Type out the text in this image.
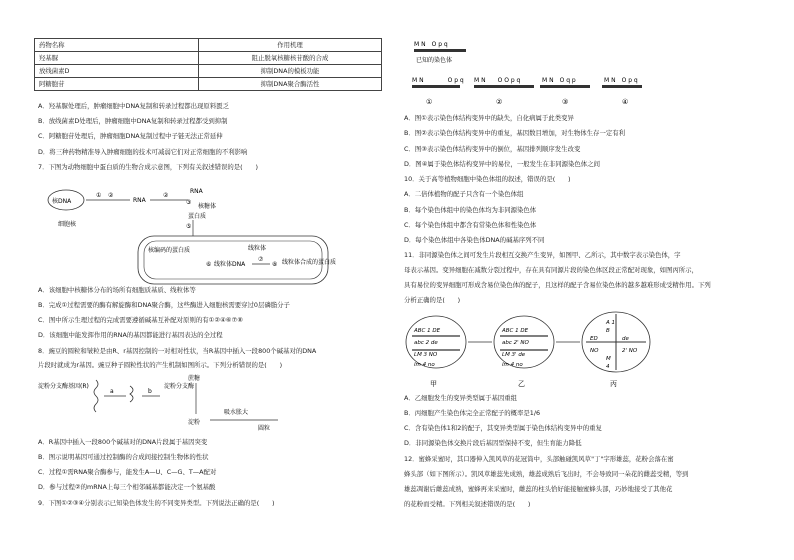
药物名称	作用机理
羟基脲	阻止脱氧核糖核苷酸的合成
放线菌素D	抑制DNA的模板功能
阿糖胞苷	抑制DNA聚合酶活性
A．羟基脲处理后，肿瘤细胞中DNA复制和转录过程都出现原料匮乏
B．放线菌素D处理后，肿瘤细胞中DNA复制和转录过程都受到抑制
C．阿糖胞苷处理后，肿瘤细胞DNA复制过程中子链无法正常延伸
D．将三种药物精准导入肿瘤细胞的技术可减弱它们对正常细胞的不利影响
7．下图为动物细胞中蛋白质的生物合成示意图，下列有关叙述错误的是(　　)
核DNA
细胞核
① ②
RNA
②
RNA
③
核糖体
蛋白质
⑤
核编码的蛋白质	线粒体
⑥ 线粒体DNA
⑦
⑧ 线粒体合成的蛋白质
A．该细胞中核糖体分布的场所有细胞质基质、线粒体等
B．完成①过程需要的酶有解旋酶和DNA聚合酶，这些酶进入细胞核需要穿过0层磷脂分子
C．图中所示生理过程的完成需要遵循碱基互补配对原则的有①②④⑥⑦⑧
D．该细胞中能发挥作用的RNA的基因都能进行基因表达的全过程
8．豌豆的圆粒和皱粒是由R、r基因控制的一对相对性状，当R基因中插入一段800个碱基对的DNA
片段时就成为r基因。豌豆种子圆粒性状的产生机制如图所示。下列分析错误的是(　　)
淀粉分支酶基因(R)
a	b
淀粉分支酶
蔗糖
淀粉
吸水胀大
圆粒
A．R基因中插入一段800个碱基对的DNA片段属于基因突变
B．图示说明基因可通过控制酶的合成间接控制生物体的性状
C．过程①需RNA聚合酶参与，能发生A—U、C—G、T—A配对
D．参与过程②的mRNA上每三个相邻碱基都能决定一个氨基酸
9．下图①②③④分别表示已知染色体发生的不同变异类型。下列说法正确的是(　　)
M N　O p q
已知的染色体
M N　　　　O p q M N　　O O p q	M N　O q p	M N　O p q
①	②	③	④
A．图①表示染色体结构变异中的缺失，自化病属于此类变异
B．图②表示染色体结构变异中的重复，基因数目增加，对生物体生存一定有利
C．图③表示染色体结构变异中的倒位，基因排列顺序发生改变
D．图④属于染色体结构变异中的易位，一般发生在非同源染色体之间
10．关于高等植物细胞中染色体组的叙述，错误的是(　　)
A．二倍体植物的配子只含有一个染色体组
B．每个染色体组中的染色体均为非同源染色体
C．每个染色体组中都含有常染色体和性染色体
D．每个染色体组中各染色体DNA的碱基序列不同
11．非同源染色体之间可发生片段相互交换产生变异，如图甲、乙所示，其中数字表示染色体，字
母表示基因。变异细胞在减数分裂过程中，存在具有同源片段的染色体区段正常配对现象，如图丙所示，
具有易位的变异细胞可形成含易位染色体的配子，且这样的配子含易位染色体的越多越难形成受精作用。下列
分析正确的是(　　)
ABC 1 DE
abc 2 de
LM 3 NO
lm 4 no
ABC 1 DE
abc 2' NO
LM 3' de
lm 4 no
A 1
B
ED	de
NO	2' NO
M
4
甲	乙	丙
A．乙细胞发生的变异类型属于基因重组
B．丙细胞产生染色体完全正常配子的概率是1/6
C．含有染色体1和2的配子，其变异类型属于染色体结构变异中的重复
D．非同源染色体交换片段后基因型保持不变，但生育能力降低
12．蜜蜂采蜜时，其口器伸入凯风草的花冠筒中，头部触碰凯风草"丁"字形雄蕊，花粉会落在蜜
蜂头部（如下图所示）。凯风草雄蕊先成熟，雄蕊成熟后飞出时，不会导致同一朵花的雌蕊受精，等到
雄蕊凋谢后雌蕊成熟，蜜蜂再来采蜜时，雌蕊的柱头恰好能接触蜜蜂头部，巧妙地接受了其他花
的花粉而受精。下列相关叙述错误的是(　　)
